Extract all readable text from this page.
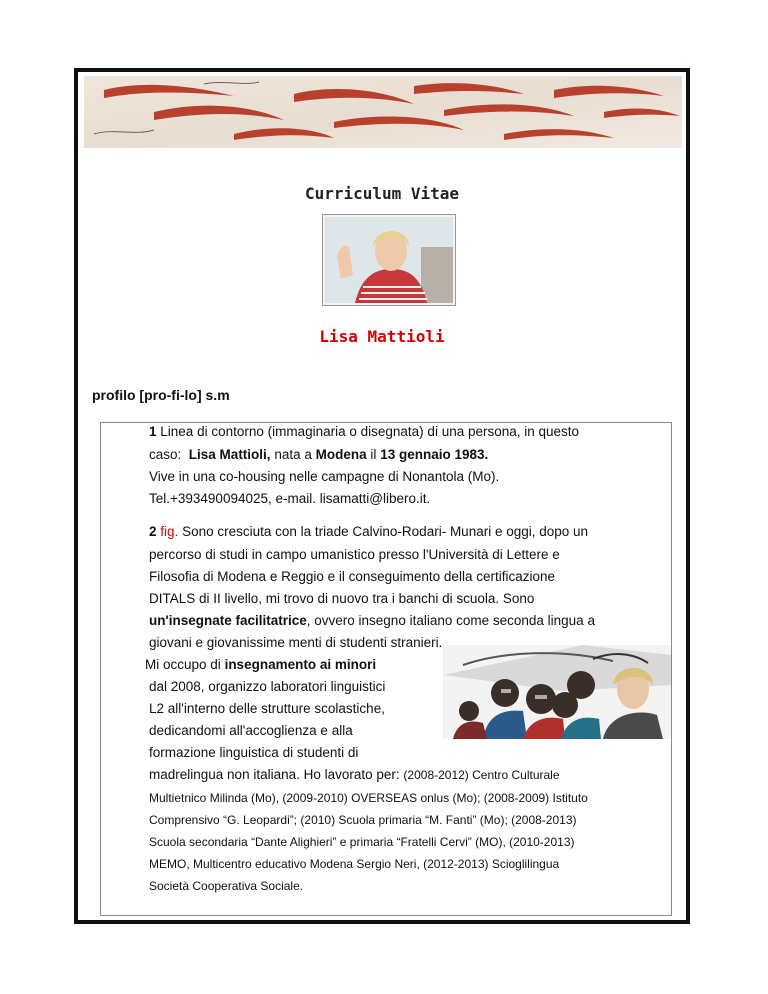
Curriculum Vitae
Lisa Mattioli
profilo [pro-fi-lo] s.m
1 Linea di contorno (immaginaria o disegnata) di una persona, in questo
caso: Lisa Mattioli, nata a Modena il 13 gennaio 1983.
Vive in una co-housing nelle campagne di Nonantola (Mo).
Tel.+393490094025, e-mail. lisamatti@libero.it.
2 fig. Sono cresciuta con la triade Calvino-Rodari- Munari e oggi, dopo un
percorso di studi in campo umanistico presso l'Università di Lettere e
Filosofia di Modena e Reggio e il conseguimento della certificazione
DITALS di II livello, mi trovo di nuovo tra i banchi di scuola. Sono
un'insegnate facilitatrice, ovvero insegno italiano come seconda lingua a
giovani e giovanissime menti di studenti stranieri.
Mi occupo di insegnamento ai minori
dal 2008, organizzo laboratori linguistici
L2 all'interno delle strutture scolastiche,
dedicandomi all'accoglienza e alla
formazione linguistica di studenti di
madrelingua non italiana. Ho lavorato per: (2008-2012) Centro Culturale
Multietnico Milinda (Mo), (2009-2010) OVERSEAS onlus (Mo); (2008-2009) Istituto
Comprensivo “G. Leopardi”; (2010) Scuola primaria “M. Fanti” (Mo); (2008-2013)
Scuola secondaria “Dante Alighieri” e primaria “Fratelli Cervi” (MO), (2010-2013)
MEMO, Multicentro educativo Modena Sergio Neri, (2012-2013) Scioglilingua
Società Cooperativa Sociale.
